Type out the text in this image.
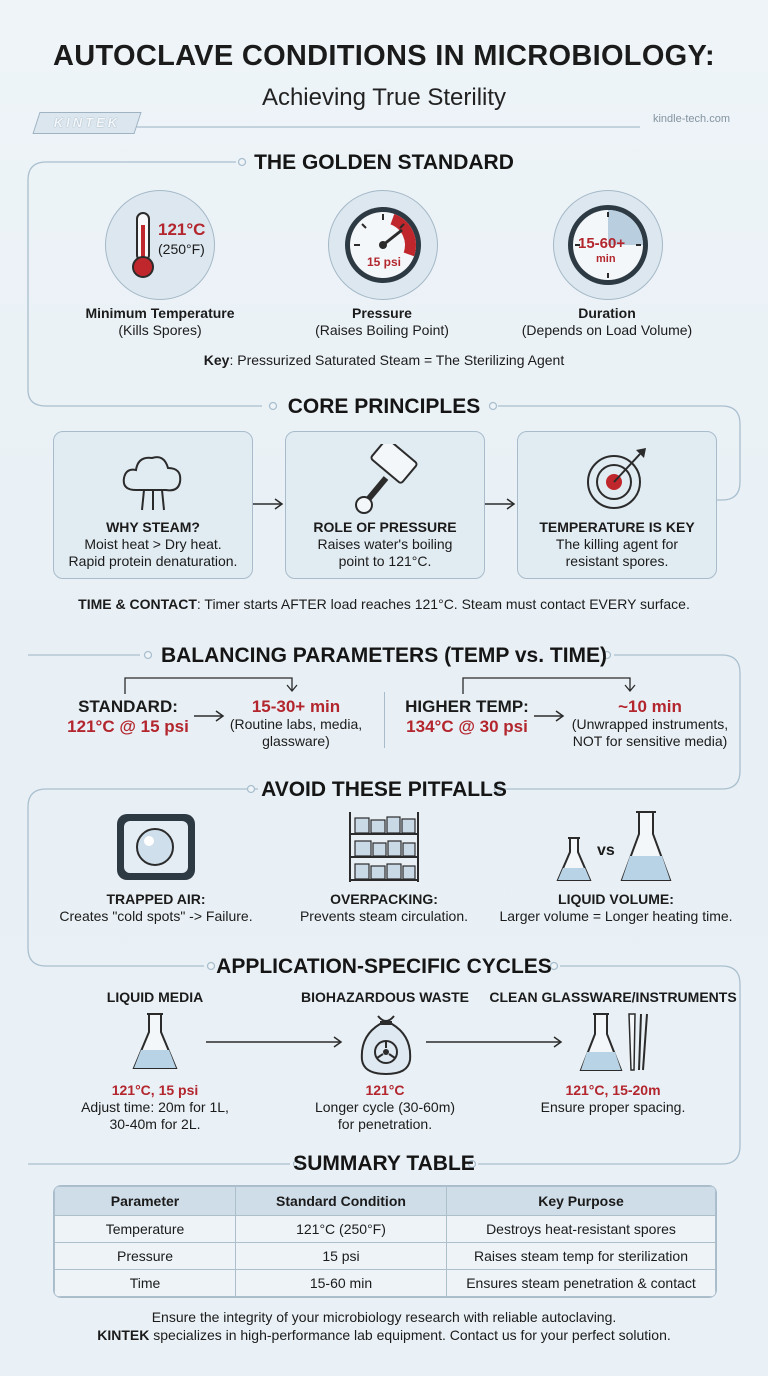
AUTOCLAVE CONDITIONS IN MICROBIOLOGY:
Achieving True Sterility
KINTEK	kindle-tech.com
THE GOLDEN STANDARD
121°C
(250°F)
Minimum Temperature
(Kills Spores)
15 psi
Pressure
(Raises Boiling Point)
15-60+
min
Duration
(Depends on Load Volume)
Key: Pressurized Saturated Steam = The Sterilizing Agent
CORE PRINCIPLES
WHY STEAM?
Moist heat > Dry heat.
Rapid protein denaturation.
ROLE OF PRESSURE
Raises water's boiling
point to 121°C.
TEMPERATURE IS KEY
The killing agent for
resistant spores.
TIME & CONTACT: Timer starts AFTER load reaches 121°C. Steam must contact EVERY surface.
BALANCING PARAMETERS (TEMP vs. TIME)
STANDARD:
121°C @ 15 psi
15-30+ min
(Routine labs, media,
glassware)
HIGHER TEMP:
134°C @ 30 psi
~10 min
(Unwrapped instruments,
NOT for sensitive media)
AVOID THESE PITFALLS
TRAPPED AIR:
Creates "cold spots" -> Failure.
OVERPACKING:
Prevents steam circulation.
vs
LIQUID VOLUME:
Larger volume = Longer heating time.
APPLICATION-SPECIFIC CYCLES
LIQUID MEDIA	BIOHAZARDOUS WASTE	CLEAN GLASSWARE/INSTRUMENTS
121°C, 15 psi
Adjust time: 20m for 1L,
30-40m for 2L.
121°C
Longer cycle (30-60m)
for penetration.
121°C, 15-20m
Ensure proper spacing.
SUMMARY TABLE
Parameter	Standard Condition	Key Purpose
Temperature	121°C (250°F)	Destroys heat-resistant spores
Pressure	15 psi	Raises steam temp for sterilization
Time	15-60 min	Ensures steam penetration & contact
Ensure the integrity of your microbiology research with reliable autoclaving.
KINTEK specializes in high-performance lab equipment. Contact us for your perfect solution.
